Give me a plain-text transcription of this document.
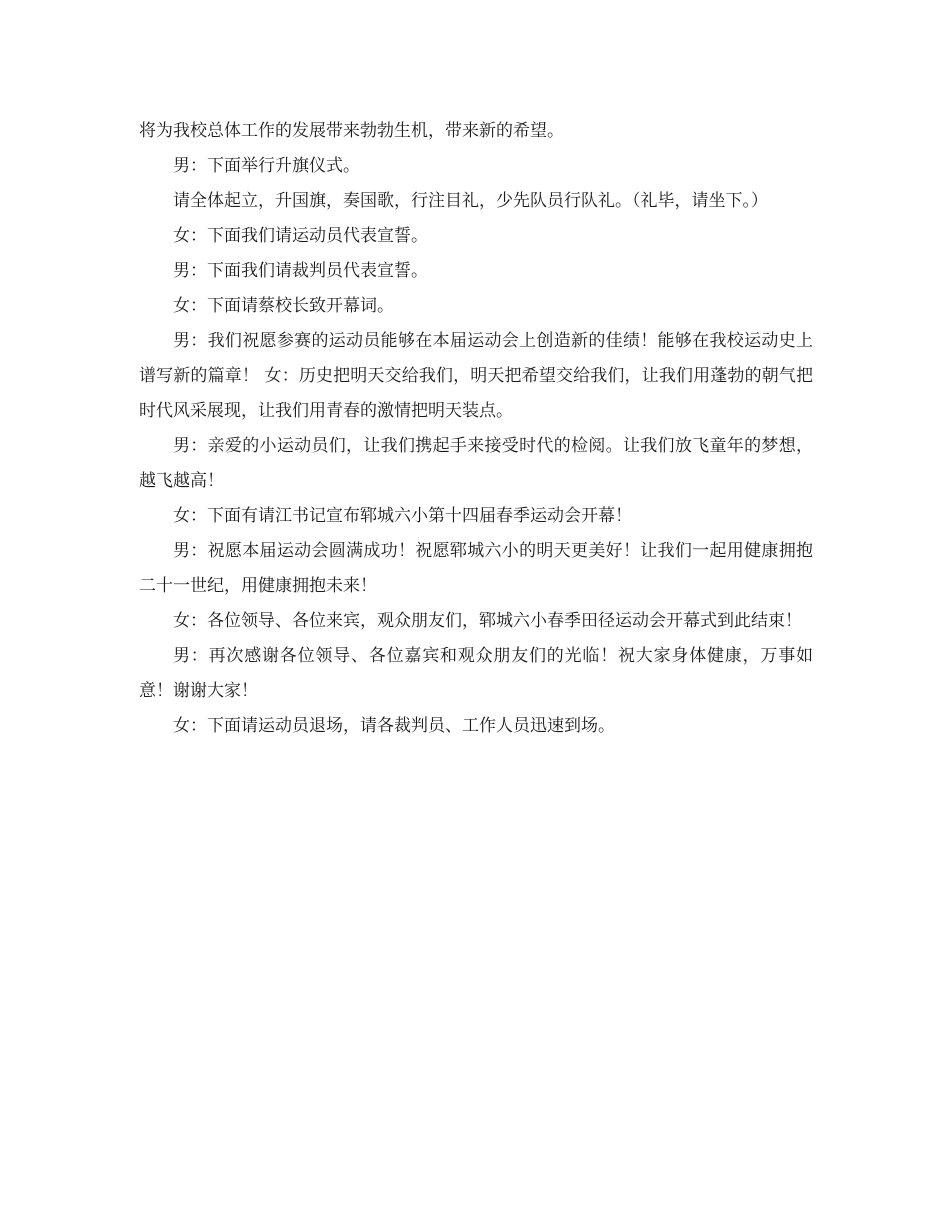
将为我校总体工作的发展带来勃勃生机，带来新的希望。

男：下面举行升旗仪式。

请全体起立，升国旗，奏国歌，行注目礼，少先队员行队礼。（礼毕，请坐下。）

女：下面我们请运动员代表宣誓。

男：下面我们请裁判员代表宣誓。

女：下面请蔡校长致开幕词。

男：我们祝愿参赛的运动员能够在本届运动会上创造新的佳绩！能够在我校运动史上谱写新的篇章！ 女：历史把明天交给我们，明天把希望交给我们，让我们用蓬勃的朝气把时代风采展现，让我们用青春的激情把明天装点。

男：亲爱的小运动员们，让我们携起手来接受时代的检阅。让我们放飞童年的梦想，越飞越高！

女：下面有请江书记宣布郓城六小第十四届春季运动会开幕！

男：祝愿本届运动会圆满成功！祝愿郓城六小的明天更美好！让我们一起用健康拥抱二十一世纪，用健康拥抱未来！

女：各位领导、各位来宾，观众朋友们，郓城六小春季田径运动会开幕式到此结束！

男：再次感谢各位领导、各位嘉宾和观众朋友们的光临！祝大家身体健康，万事如意！谢谢大家！

女：下面请运动员退场，请各裁判员、工作人员迅速到场。
